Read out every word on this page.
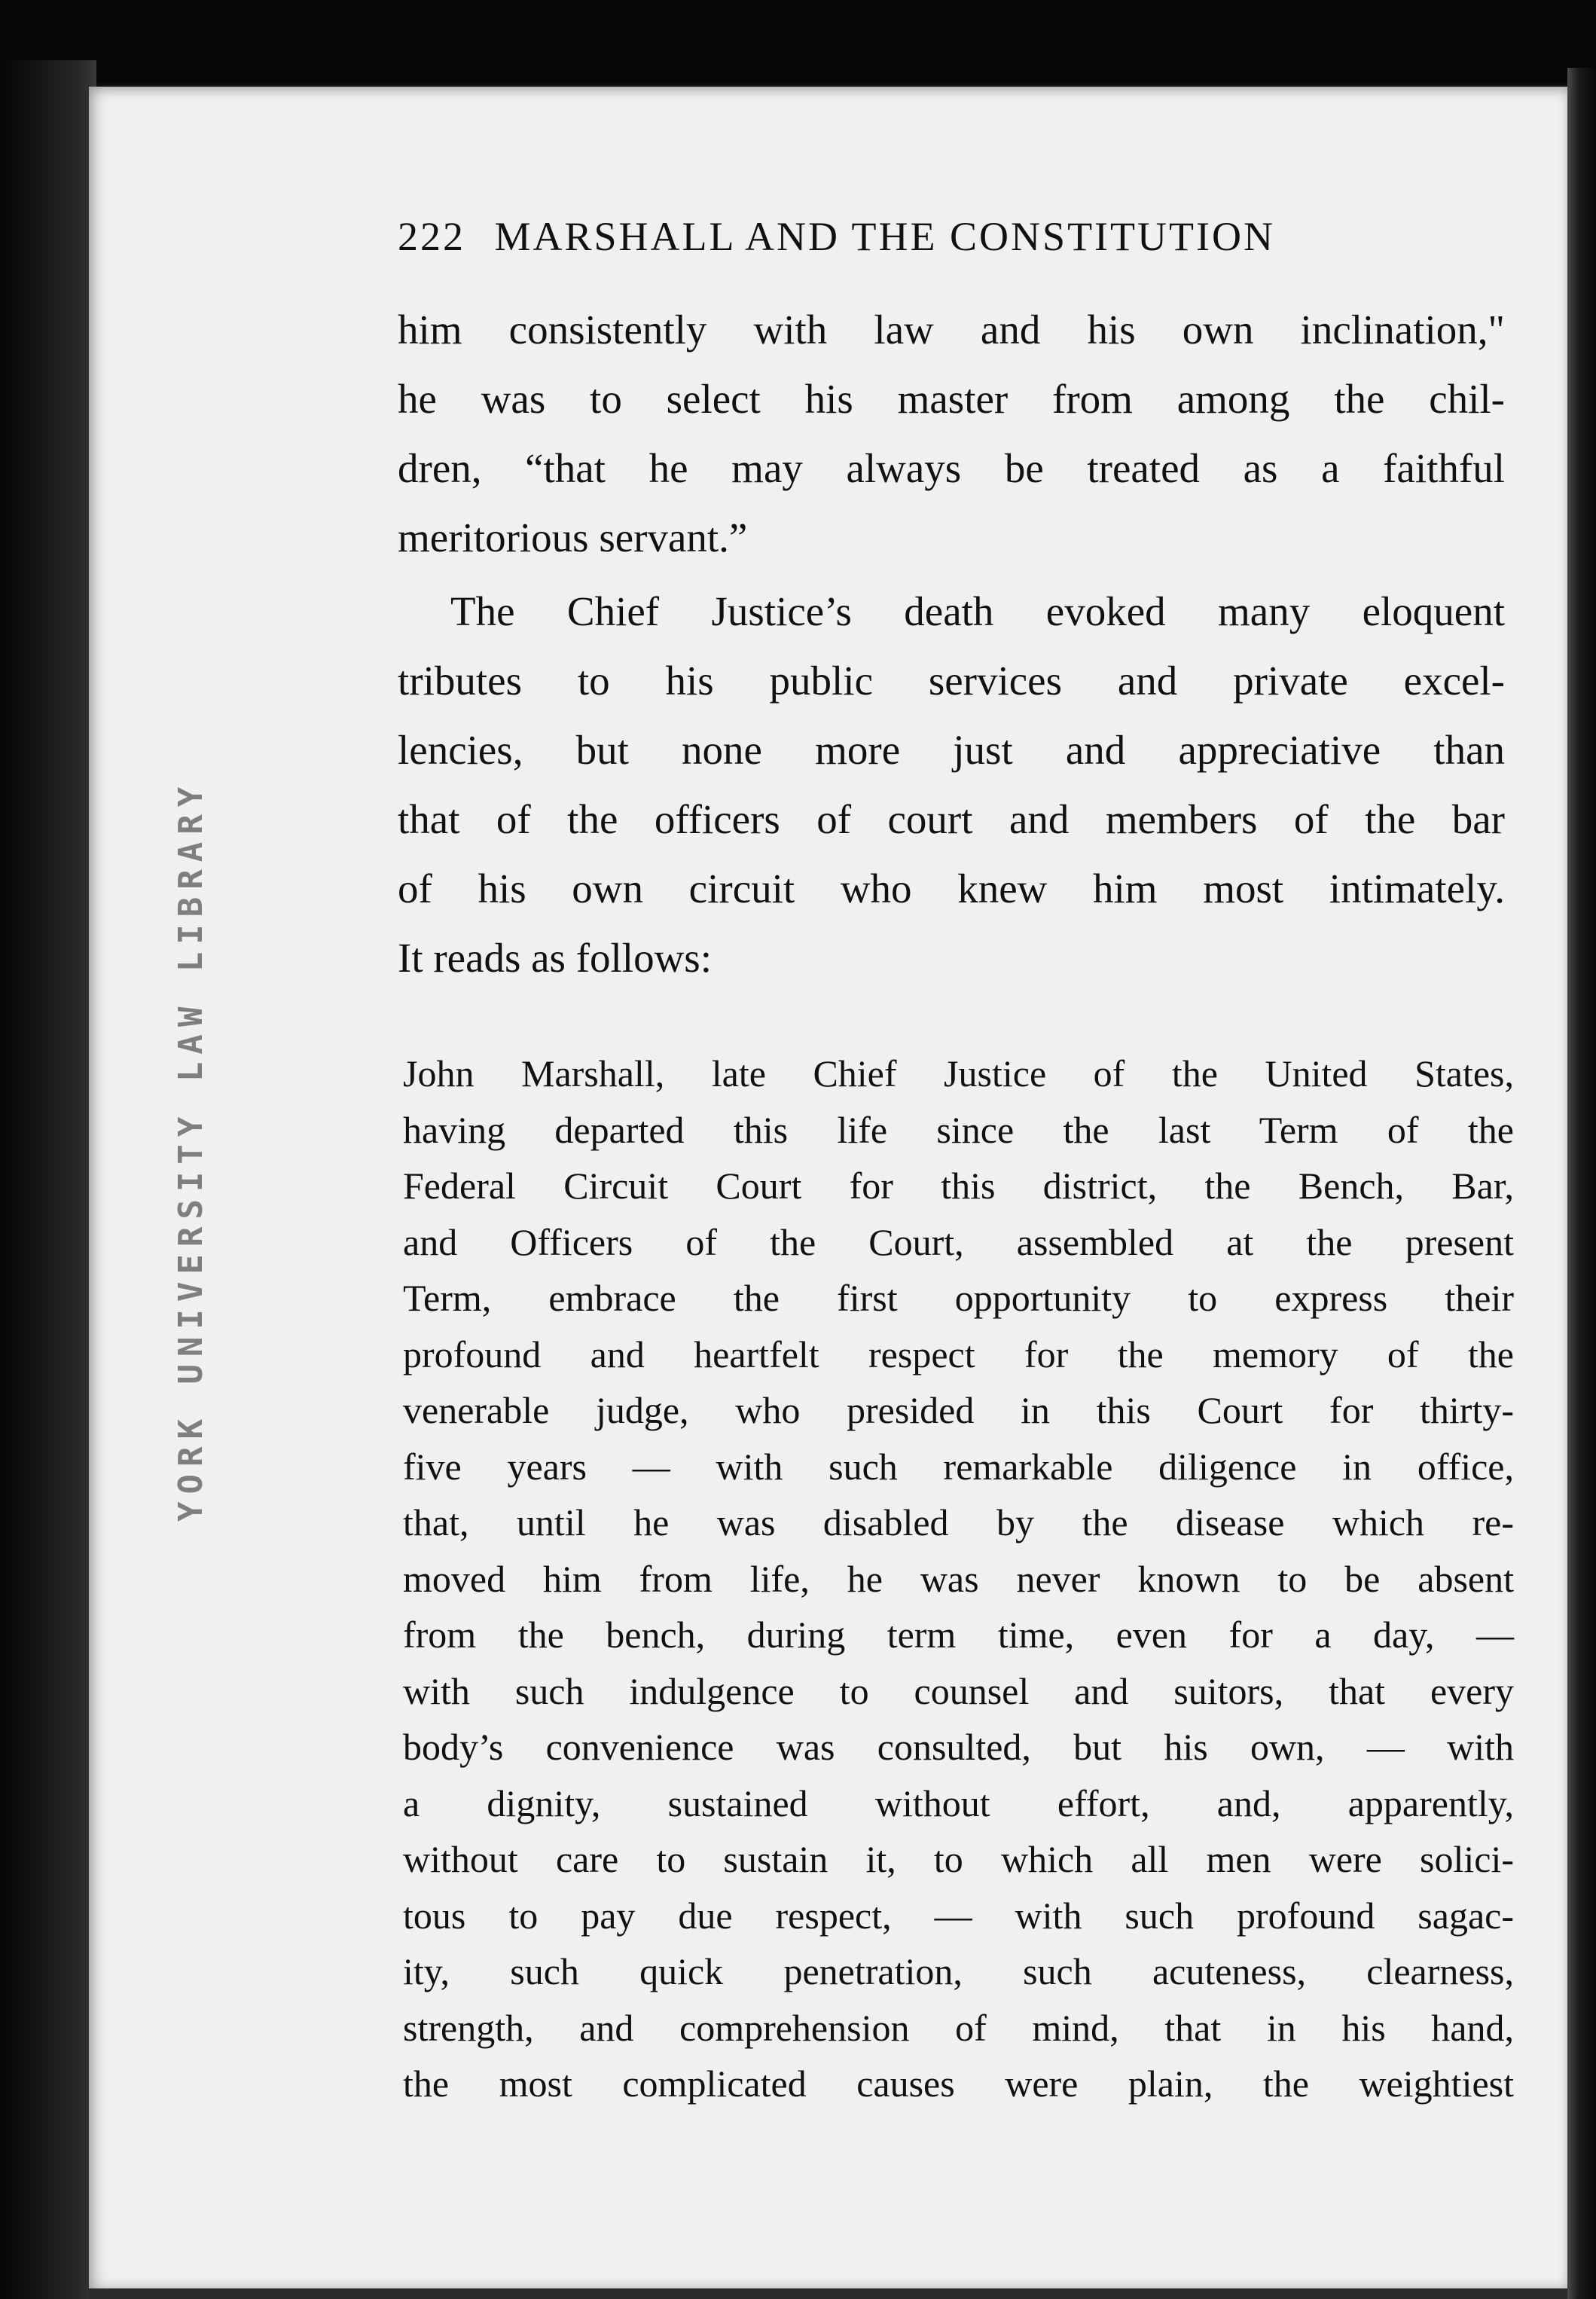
YORK UNIVERSITY LAW LIBRARY
222 MARSHALL AND THE CONSTITUTION
him consistently with law and his own inclination,"
he was to select his master from among the chil-
dren, “that he may always be treated as a faithful
meritorious servant.”
The Chief Justice’s death evoked many eloquent
tributes to his public services and private excel-
lencies, but none more just and appreciative than
that of the officers of court and members of the bar
of his own circuit who knew him most intimately.
It reads as follows:
John Marshall, late Chief Justice of the United States,
having departed this life since the last Term of the
Federal Circuit Court for this district, the Bench, Bar,
and Officers of the Court, assembled at the present
Term, embrace the first opportunity to express their
profound and heartfelt respect for the memory of the
venerable judge, who presided in this Court for thirty-
five years — with such remarkable diligence in office,
that, until he was disabled by the disease which re-
moved him from life, he was never known to be absent
from the bench, during term time, even for a day, —
with such indulgence to counsel and suitors, that every
body’s convenience was consulted, but his own, — with
a dignity, sustained without effort, and, apparently,
without care to sustain it, to which all men were solici-
tous to pay due respect, — with such profound sagac-
ity, such quick penetration, such acuteness, clearness,
strength, and comprehension of mind, that in his hand,
the most complicated causes were plain, the weightiest
